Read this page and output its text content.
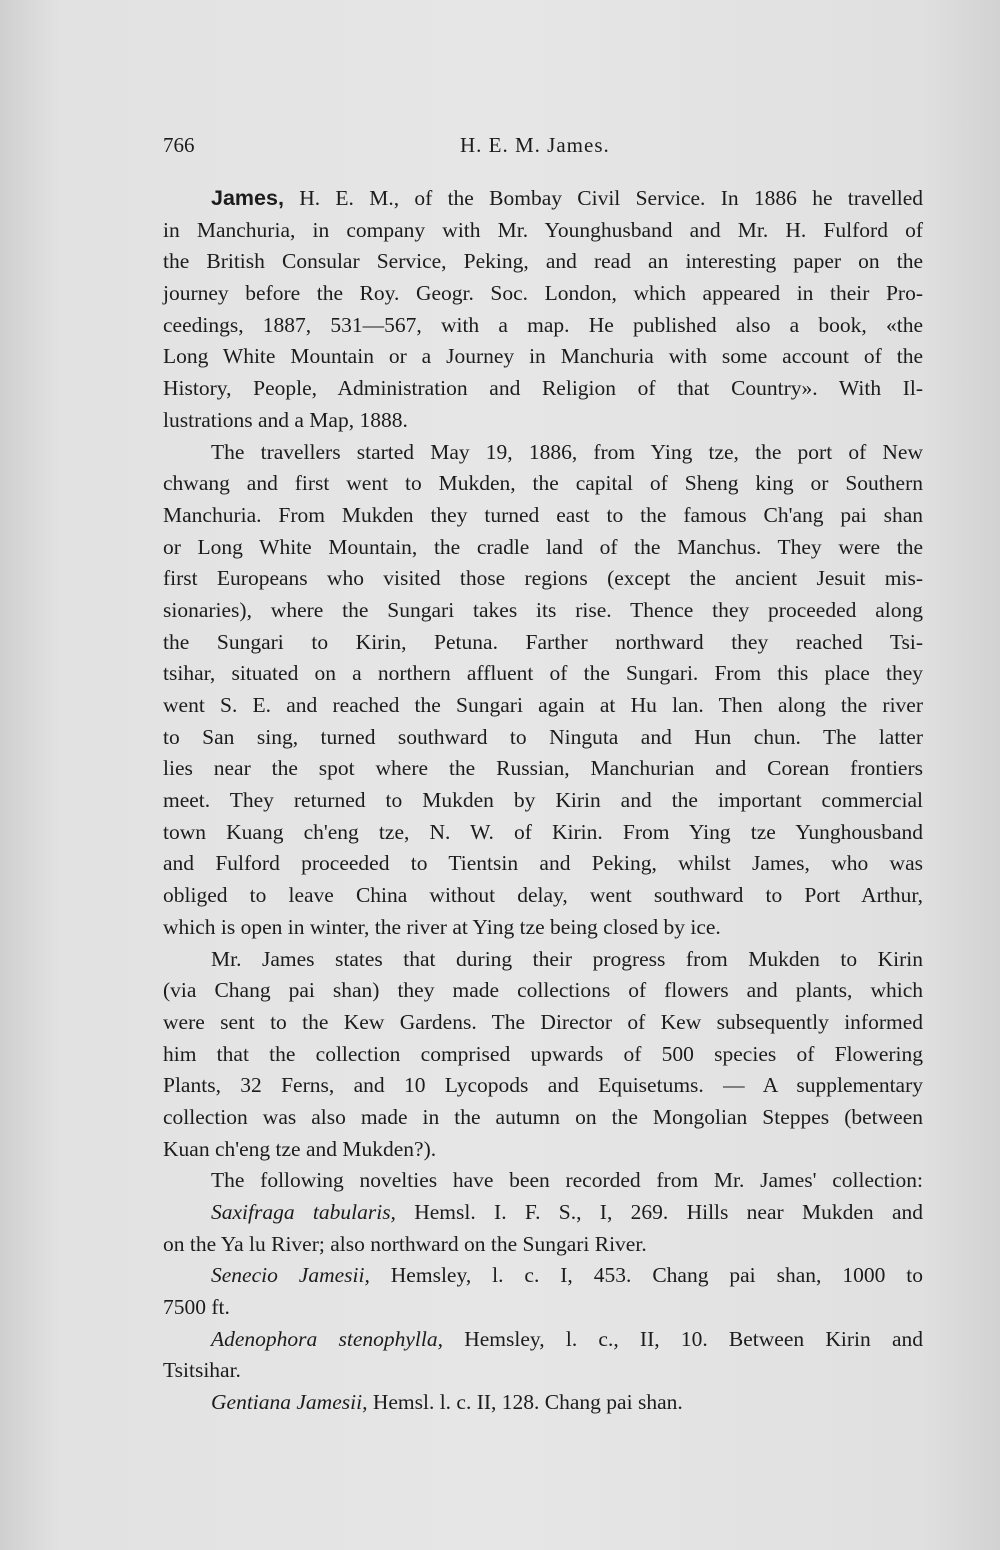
766	H. E. M. James.
James, H. E. M., of the Bombay Civil Service. In 1886 he travelled
in Manchuria, in company with Mr. Younghusband and Mr. H. Fulford of
the British Consular Service, Peking, and read an interesting paper on the
journey before the Roy. Geogr. Soc. London, which appeared in their Pro-
ceedings, 1887, 531—567, with a map. He published also a book, «the
Long White Mountain or a Journey in Manchuria with some account of the
History, People, Administration and Religion of that Country». With Il-
lustrations and a Map, 1888.
The travellers started May 19, 1886, from Ying tze, the port of New
chwang and first went to Mukden, the capital of Sheng king or Southern
Manchuria. From Mukden they turned east to the famous Ch'ang pai shan
or Long White Mountain, the cradle land of the Manchus. They were the
first Europeans who visited those regions (except the ancient Jesuit mis-
sionaries), where the Sungari takes its rise. Thence they proceeded along
the Sungari to Kirin, Petuna. Farther northward they reached Tsi-
tsihar, situated on a northern affluent of the Sungari. From this place they
went S. E. and reached the Sungari again at Hu lan. Then along the river
to San sing, turned southward to Ninguta and Hun chun. The latter
lies near the spot where the Russian, Manchurian and Corean frontiers
meet. They returned to Mukden by Kirin and the important commercial
town Kuang ch'eng tze, N. W. of Kirin. From Ying tze Yunghousband
and Fulford proceeded to Tientsin and Peking, whilst James, who was
obliged to leave China without delay, went southward to Port Arthur,
which is open in winter, the river at Ying tze being closed by ice.
Mr. James states that during their progress from Mukden to Kirin
(via Chang pai shan) they made collections of flowers and plants, which
were sent to the Kew Gardens. The Director of Kew subsequently informed
him that the collection comprised upwards of 500 species of Flowering
Plants, 32 Ferns, and 10 Lycopods and Equisetums. — A supplementary
collection was also made in the autumn on the Mongolian Steppes (between
Kuan ch'eng tze and Mukden?).
The following novelties have been recorded from Mr. James' collection:
Saxifraga tabularis, Hemsl. I. F. S., I, 269. Hills near Mukden and
on the Ya lu River; also northward on the Sungari River.
Senecio Jamesii, Hemsley, l. c. I, 453. Chang pai shan, 1000 to
7500 ft.
Adenophora stenophylla, Hemsley, l. c., II, 10. Between Kirin and
Tsitsihar.
Gentiana Jamesii, Hemsl. l. c. II, 128. Chang pai shan.
